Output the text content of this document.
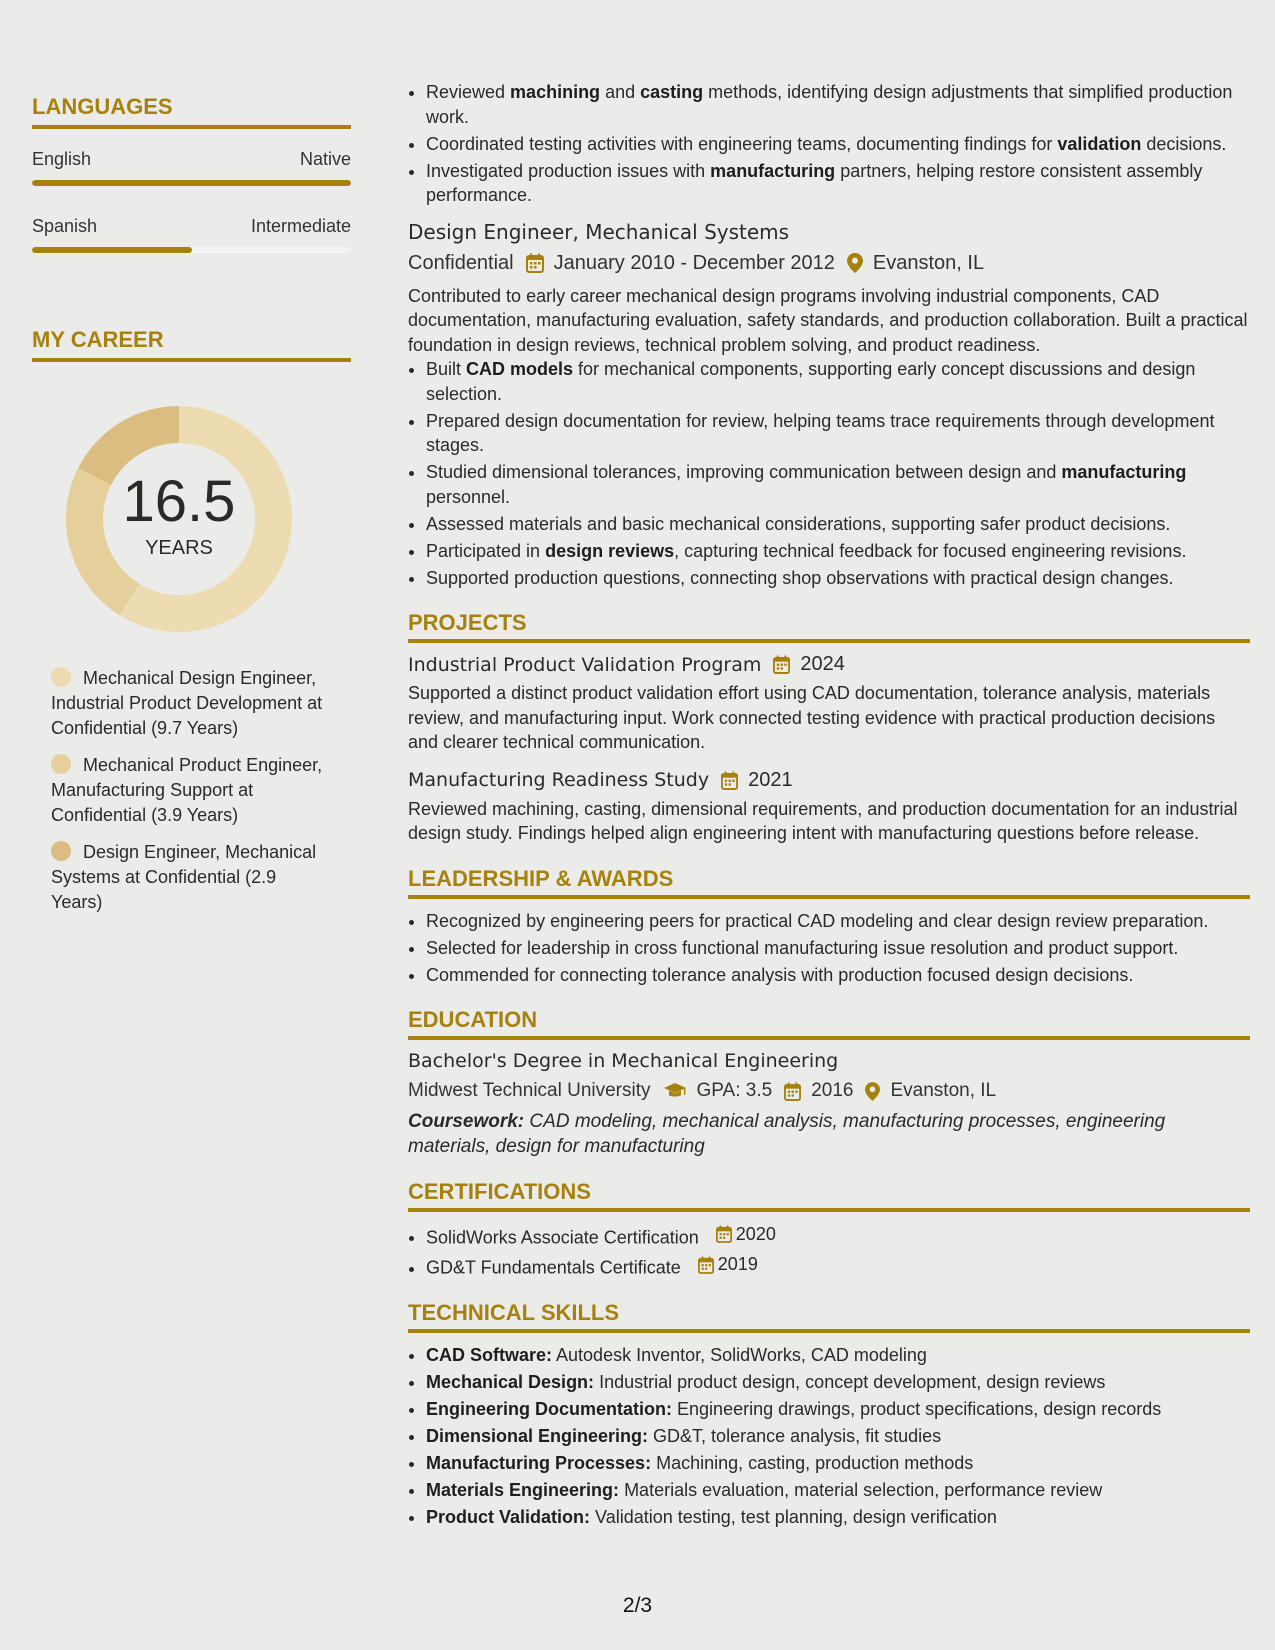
LANGUAGES
English	Native
Spanish	Intermediate
MY CAREER
16.5
YEARS
Mechanical Design Engineer, Industrial Product Development at Confidential (9.7 Years)
Mechanical Product Engineer, Manufacturing Support at Confidential (3.9 Years)
Design Engineer, Mechanical Systems at Confidential (2.9 Years)
• Reviewed machining and casting methods, identifying design adjustments that simplified production work.
• Coordinated testing activities with engineering teams, documenting findings for validation decisions.
• Investigated production issues with manufacturing partners, helping restore consistent assembly performance.
Design Engineer, Mechanical Systems
Confidential January 2010 - December 2012 Evanston, IL
Contributed to early career mechanical design programs involving industrial components, CAD documentation, manufacturing evaluation, safety standards, and production collaboration. Built a practical foundation in design reviews, technical problem solving, and product readiness.
• Built CAD models for mechanical components, supporting early concept discussions and design selection.
• Prepared design documentation for review, helping teams trace requirements through development stages.
• Studied dimensional tolerances, improving communication between design and manufacturing personnel.
• Assessed materials and basic mechanical considerations, supporting safer product decisions.
• Participated in design reviews, capturing technical feedback for focused engineering revisions.
• Supported production questions, connecting shop observations with practical design changes.
PROJECTS
Industrial Product Validation Program 2024
Supported a distinct product validation effort using CAD documentation, tolerance analysis, materials review, and manufacturing input. Work connected testing evidence with practical production decisions and clearer technical communication.
Manufacturing Readiness Study 2021
Reviewed machining, casting, dimensional requirements, and production documentation for an industrial design study. Findings helped align engineering intent with manufacturing questions before release.
LEADERSHIP & AWARDS
• Recognized by engineering peers for practical CAD modeling and clear design review preparation.
• Selected for leadership in cross functional manufacturing issue resolution and product support.
• Commended for connecting tolerance analysis with production focused design decisions.
EDUCATION
Bachelor's Degree in Mechanical Engineering
Midwest Technical University GPA: 3.5 2016 Evanston, IL
Coursework: CAD modeling, mechanical analysis, manufacturing processes, engineering materials, design for manufacturing
CERTIFICATIONS
• SolidWorks Associate Certification 2020
• GD&T Fundamentals Certificate 2019
TECHNICAL SKILLS
• CAD Software: Autodesk Inventor, SolidWorks, CAD modeling
• Mechanical Design: Industrial product design, concept development, design reviews
• Engineering Documentation: Engineering drawings, product specifications, design records
• Dimensional Engineering: GD&T, tolerance analysis, fit studies
• Manufacturing Processes: Machining, casting, production methods
• Materials Engineering: Materials evaluation, material selection, performance review
• Product Validation: Validation testing, test planning, design verification
2/3
